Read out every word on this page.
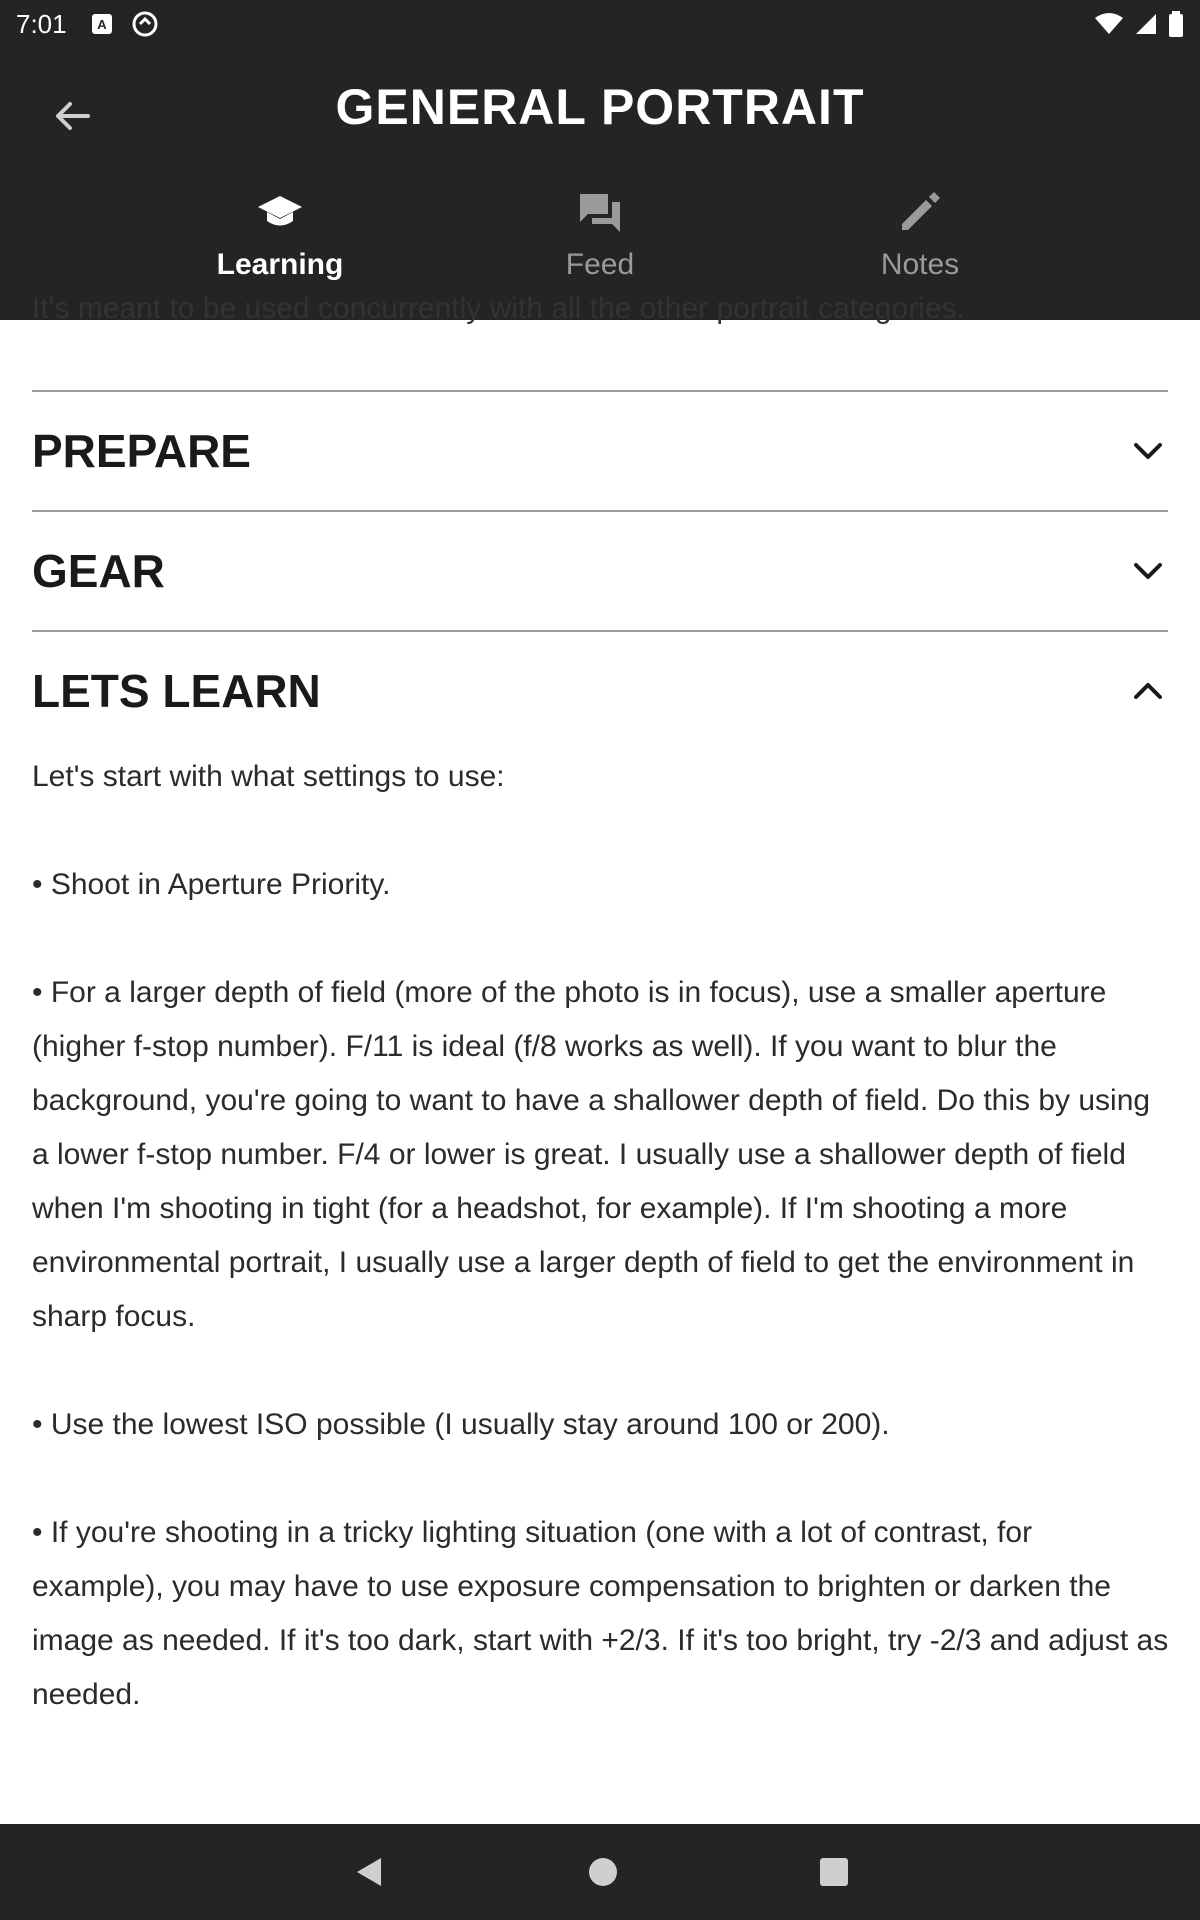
7:01 A
GENERAL PORTRAIT
Learning	Feed	Notes
It's meant to be used concurrently with all the other portrait categories.
PREPARE
GEAR
LETS LEARN

Let's start with what settings to use:

• Shoot in Aperture Priority.

• For a larger depth of field (more of the photo is in focus), use a smaller aperture (higher f-stop number). F/11 is ideal (f/8 works as well). If you want to blur the background, you're going to want to have a shallower depth of field. Do this by using a lower f-stop number. F/4 or lower is great. I usually use a shallower depth of field when I'm shooting in tight (for a headshot, for example). If I'm shooting a more environmental portrait, I usually use a larger depth of field to get the environment in sharp focus.

• Use the lowest ISO possible (I usually stay around 100 or 200).

• If you're shooting in a tricky lighting situation (one with a lot of contrast, for example), you may have to use exposure compensation to brighten or darken the image as needed. If it's too dark, start with +2/3. If it's too bright, try -2/3 and adjust as needed.
